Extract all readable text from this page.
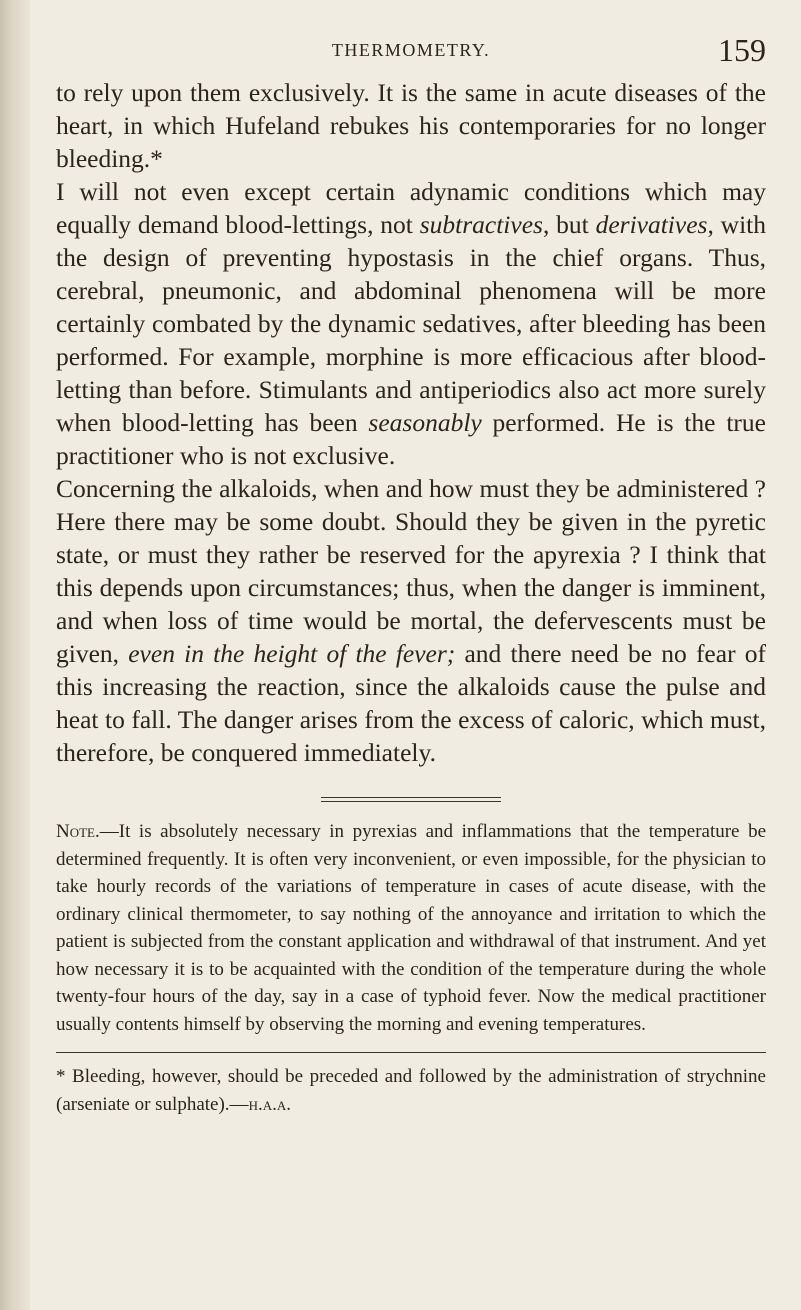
THERMOMETRY.	159

to rely upon them exclusively. It is the same in acute diseases of the heart, in which Hufeland rebukes his contemporaries for no longer bleeding.*

I will not even except certain adynamic conditions which may equally demand blood-lettings, not subtractives, but derivatives, with the design of preventing hypostasis in the chief organs. Thus, cerebral, pneumonic, and abdominal phenomena will be more certainly combated by the dynamic sedatives, after bleeding has been performed. For example, morphine is more efficacious after blood-letting than before. Stimulants and antiperiodics also act more surely when blood-letting has been seasonably performed. He is the true practitioner who is not exclusive.

Concerning the alkaloids, when and how must they be administered ? Here there may be some doubt. Should they be given in the pyretic state, or must they rather be reserved for the apyrexia ? I think that this depends upon circumstances; thus, when the danger is imminent, and when loss of time would be mortal, the defervescents must be given, even in the height of the fever; and there need be no fear of this increasing the reaction, since the alkaloids cause the pulse and heat to fall. The danger arises from the excess of caloric, which must, therefore, be conquered immediately.

Note.—It is absolutely necessary in pyrexias and inflammations that the temperature be determined frequently. It is often very inconvenient, or even impossible, for the physician to take hourly records of the variations of temperature in cases of acute disease, with the ordinary clinical thermometer, to say nothing of the annoyance and irritation to which the patient is subjected from the constant application and withdrawal of that instrument. And yet how necessary it is to be acquainted with the condition of the temperature during the whole twenty-four hours of the day, say in a case of typhoid fever. Now the medical practitioner usually contents himself by observing the morning and evening temperatures.

* Bleeding, however, should be preceded and followed by the administration of strychnine (arseniate or sulphate).—h.a.a.
